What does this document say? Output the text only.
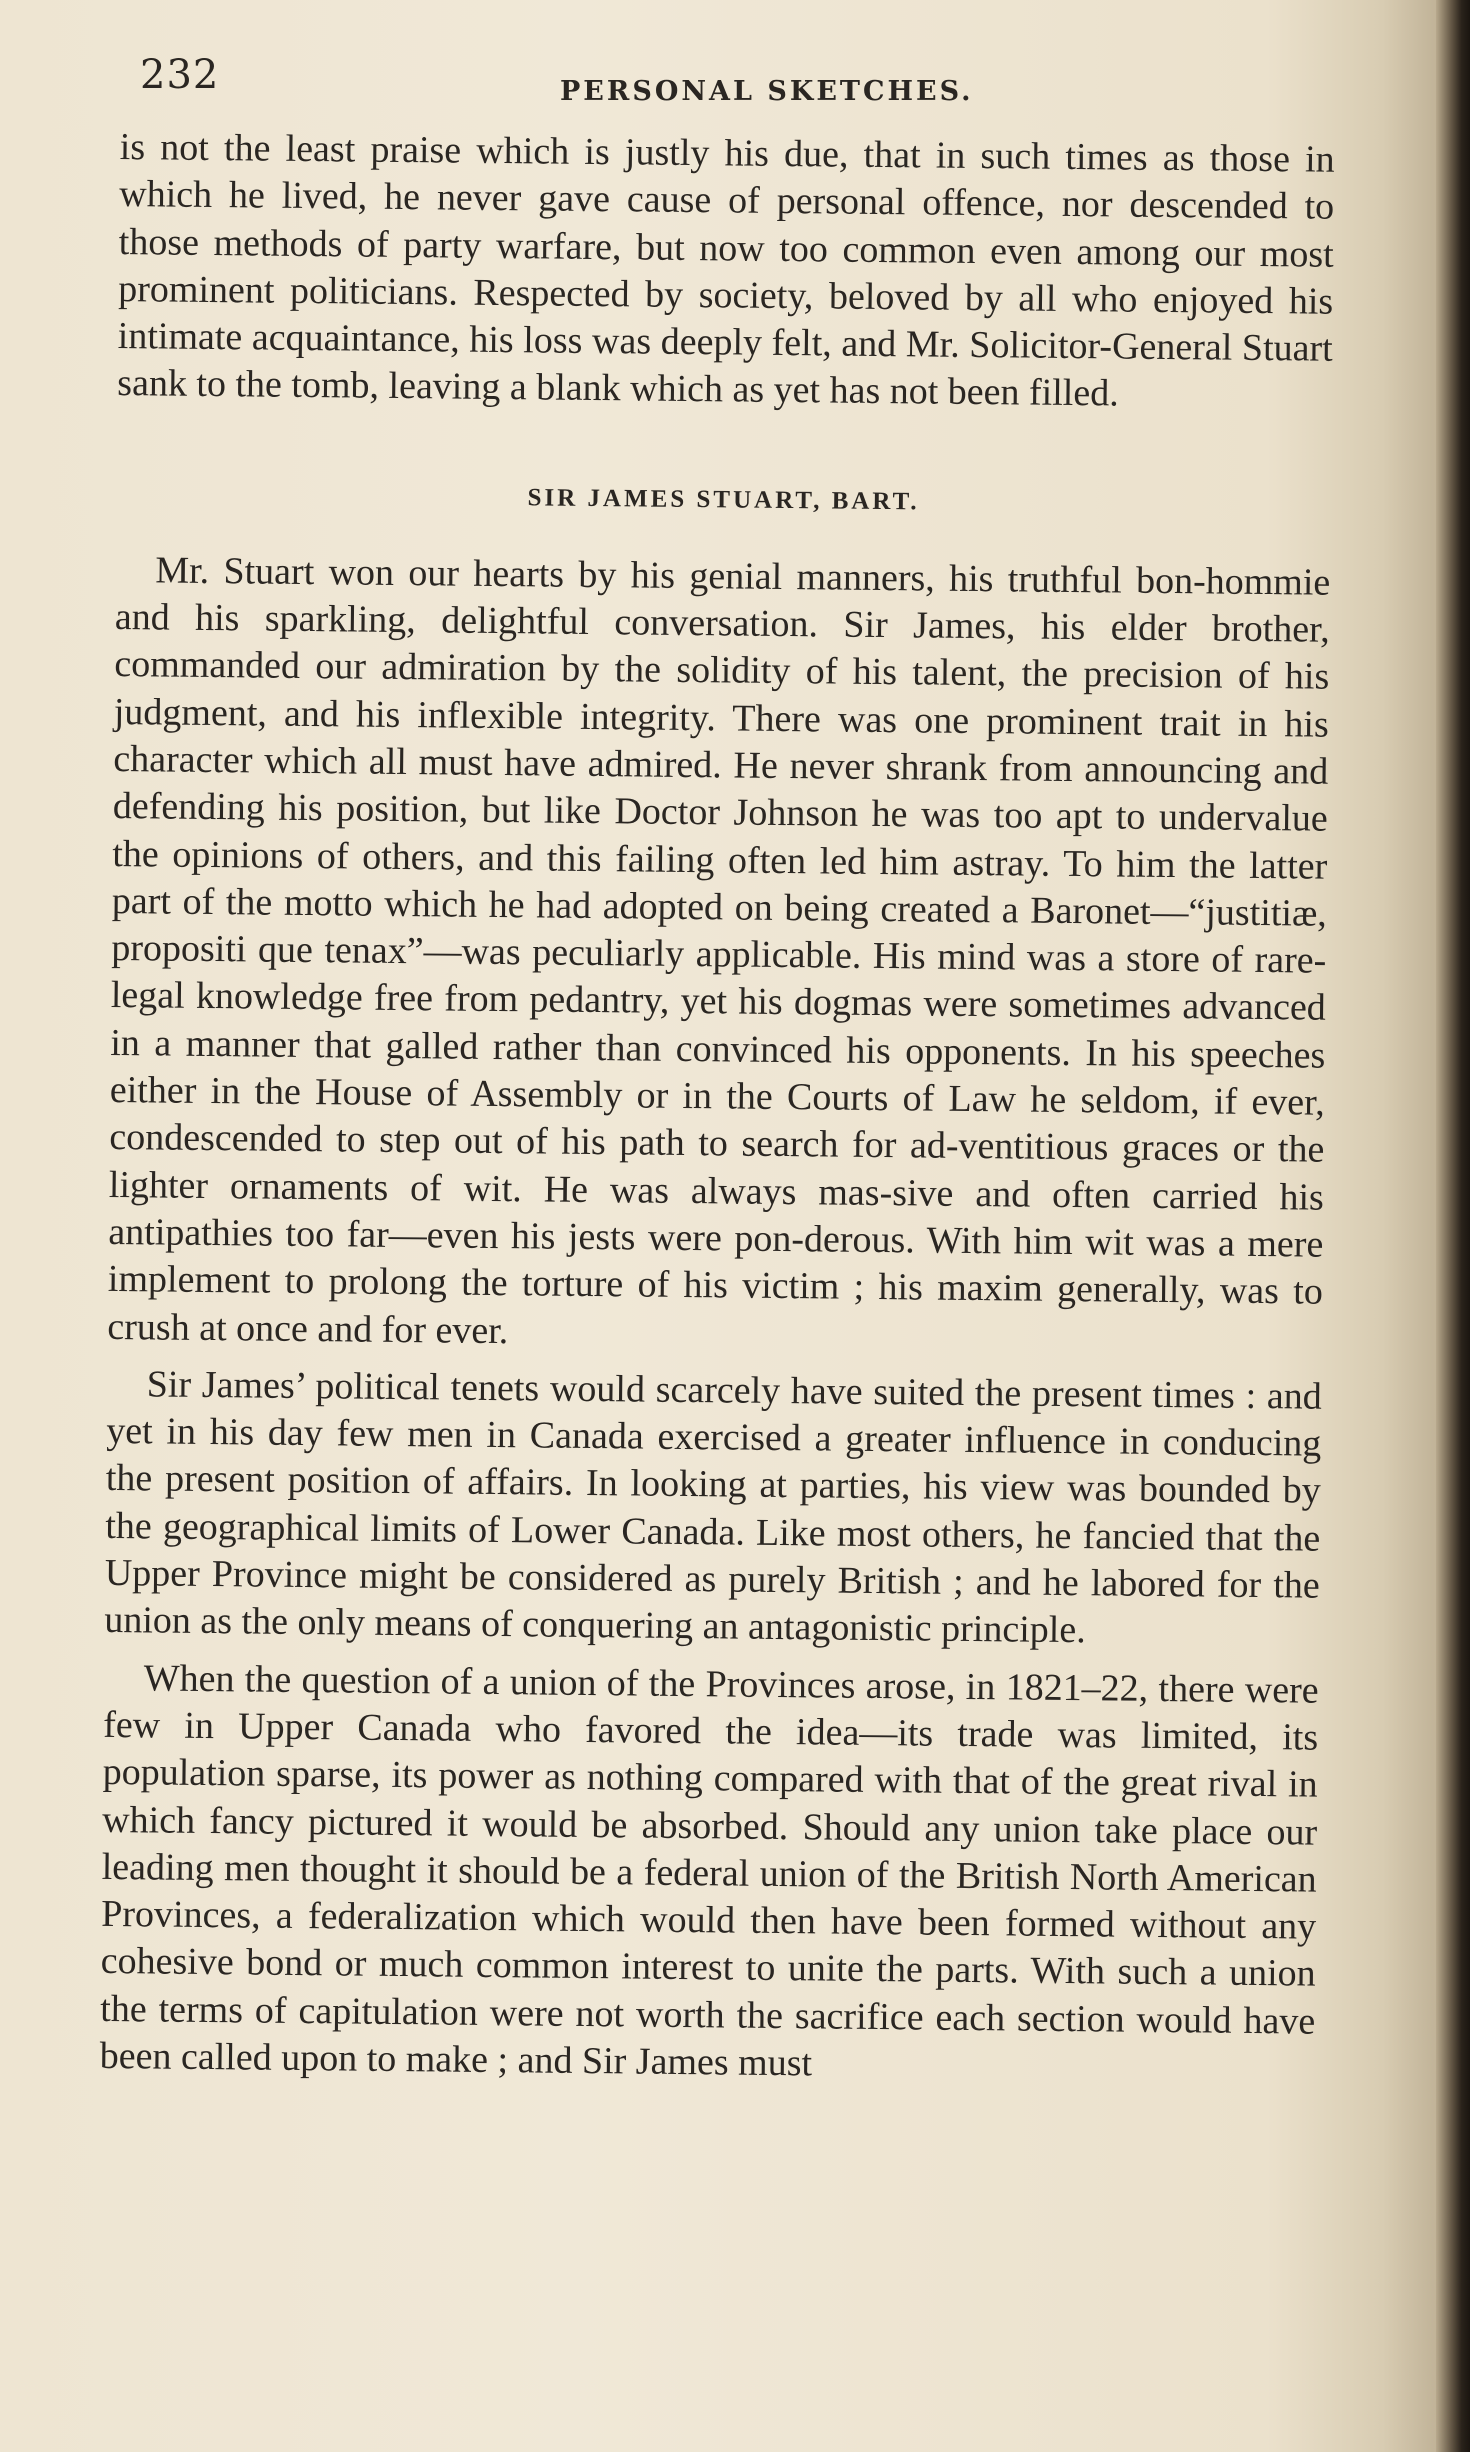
232	PERSONAL SKETCHES.

is not the least praise which is justly his due, that in such times as those in which he lived, he never gave cause of personal offence, nor descended to those methods of party warfare, but now too common even among our most prominent politicians. Respected by society, beloved by all who enjoyed his intimate acquaintance, his loss was deeply felt, and Mr. Solicitor-General Stuart sank to the tomb, leaving a blank which as yet has not been filled.

SIR JAMES STUART, BART.

Mr. Stuart won our hearts by his genial manners, his truthful bon-hommie and his sparkling, delightful conversation. Sir James, his elder brother, commanded our admiration by the solidity of his talent, the precision of his judgment, and his inflexible integrity. There was one prominent trait in his character which all must have admired. He never shrank from announcing and defending his position, but like Doctor Johnson he was too apt to undervalue the opinions of others, and this failing often led him astray. To him the latter part of the motto which he had adopted on being created a Baronet—“justitiæ, propositi que tenax”—was peculiarly applicable. His mind was a store of rare-legal knowledge free from pedantry, yet his dogmas were sometimes advanced in a manner that galled rather than convinced his opponents. In his speeches either in the House of Assembly or in the Courts of Law he seldom, if ever, condescended to step out of his path to search for ad-ventitious graces or the lighter ornaments of wit. He was always mas-sive and often carried his antipathies too far—even his jests were pon-derous. With him wit was a mere implement to prolong the torture of his victim ; his maxim generally, was to crush at once and for ever.

Sir James’ political tenets would scarcely have suited the present times : and yet in his day few men in Canada exercised a greater influence in conducing the present position of affairs. In looking at parties, his view was bounded by the geographical limits of Lower Canada. Like most others, he fancied that the Upper Province might be considered as purely British ; and he labored for the union as the only means of conquering an antagonistic principle.

When the question of a union of the Provinces arose, in 1821–22, there were few in Upper Canada who favored the idea—its trade was limited, its population sparse, its power as nothing compared with that of the great rival in which fancy pictured it would be absorbed. Should any union take place our leading men thought it should be a federal union of the British North American Provinces, a federalization which would then have been formed without any cohesive bond or much common interest to unite the parts. With such a union the terms of capitulation were not worth the sacrifice each section would have been called upon to make ; and Sir James must
